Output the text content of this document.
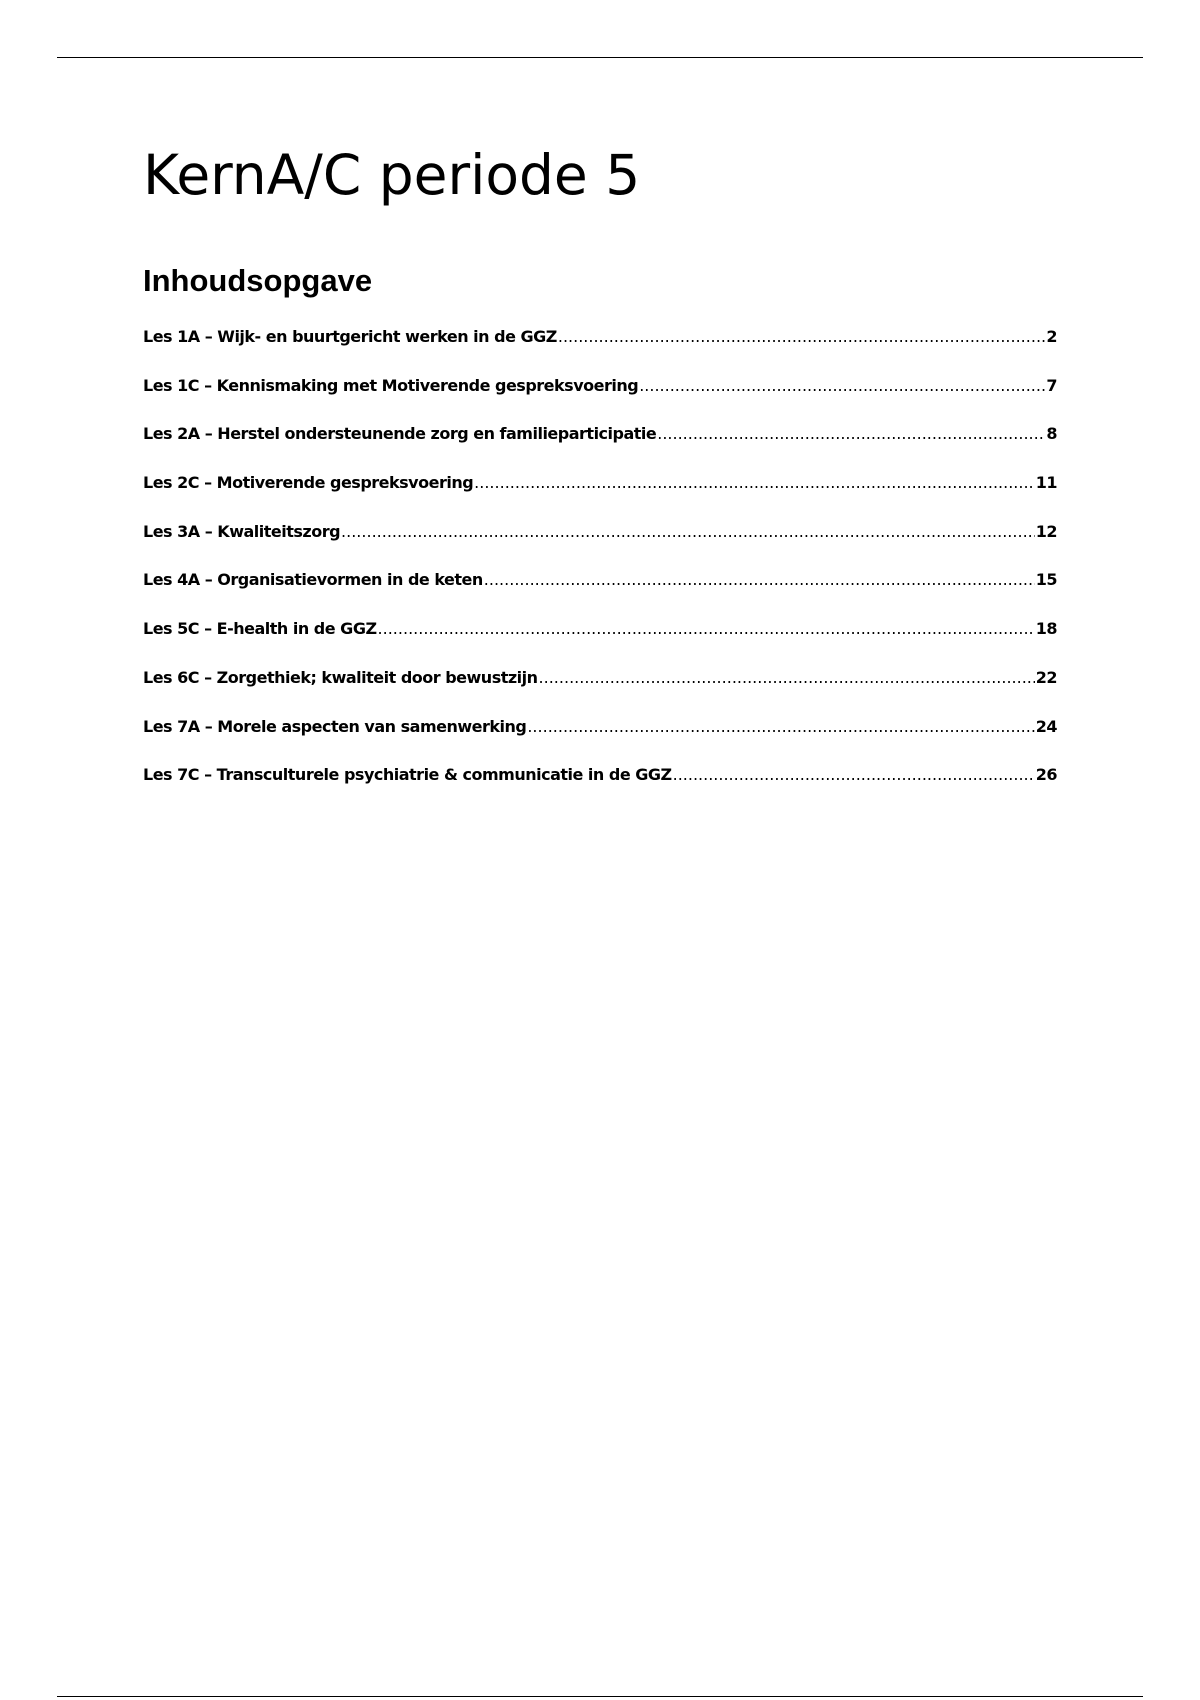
KernA/C periode 5
Inhoudsopgave
Les 1A – Wijk- en buurtgericht werken in de GGZ .....	2
Les 1C – Kennismaking met Motiverende gespreksvoering .....	7
Les 2A – Herstel ondersteunende zorg en familieparticipatie .....	8
Les 2C – Motiverende gespreksvoering .....	11
Les 3A – Kwaliteitszorg .....	12
Les 4A – Organisatievormen in de keten .....	15
Les 5C – E-health in de GGZ .....	18
Les 6C – Zorgethiek; kwaliteit door bewustzijn .....	22
Les 7A – Morele aspecten van samenwerking .....	24
Les 7C – Transculturele psychiatrie & communicatie in de GGZ .....	26
